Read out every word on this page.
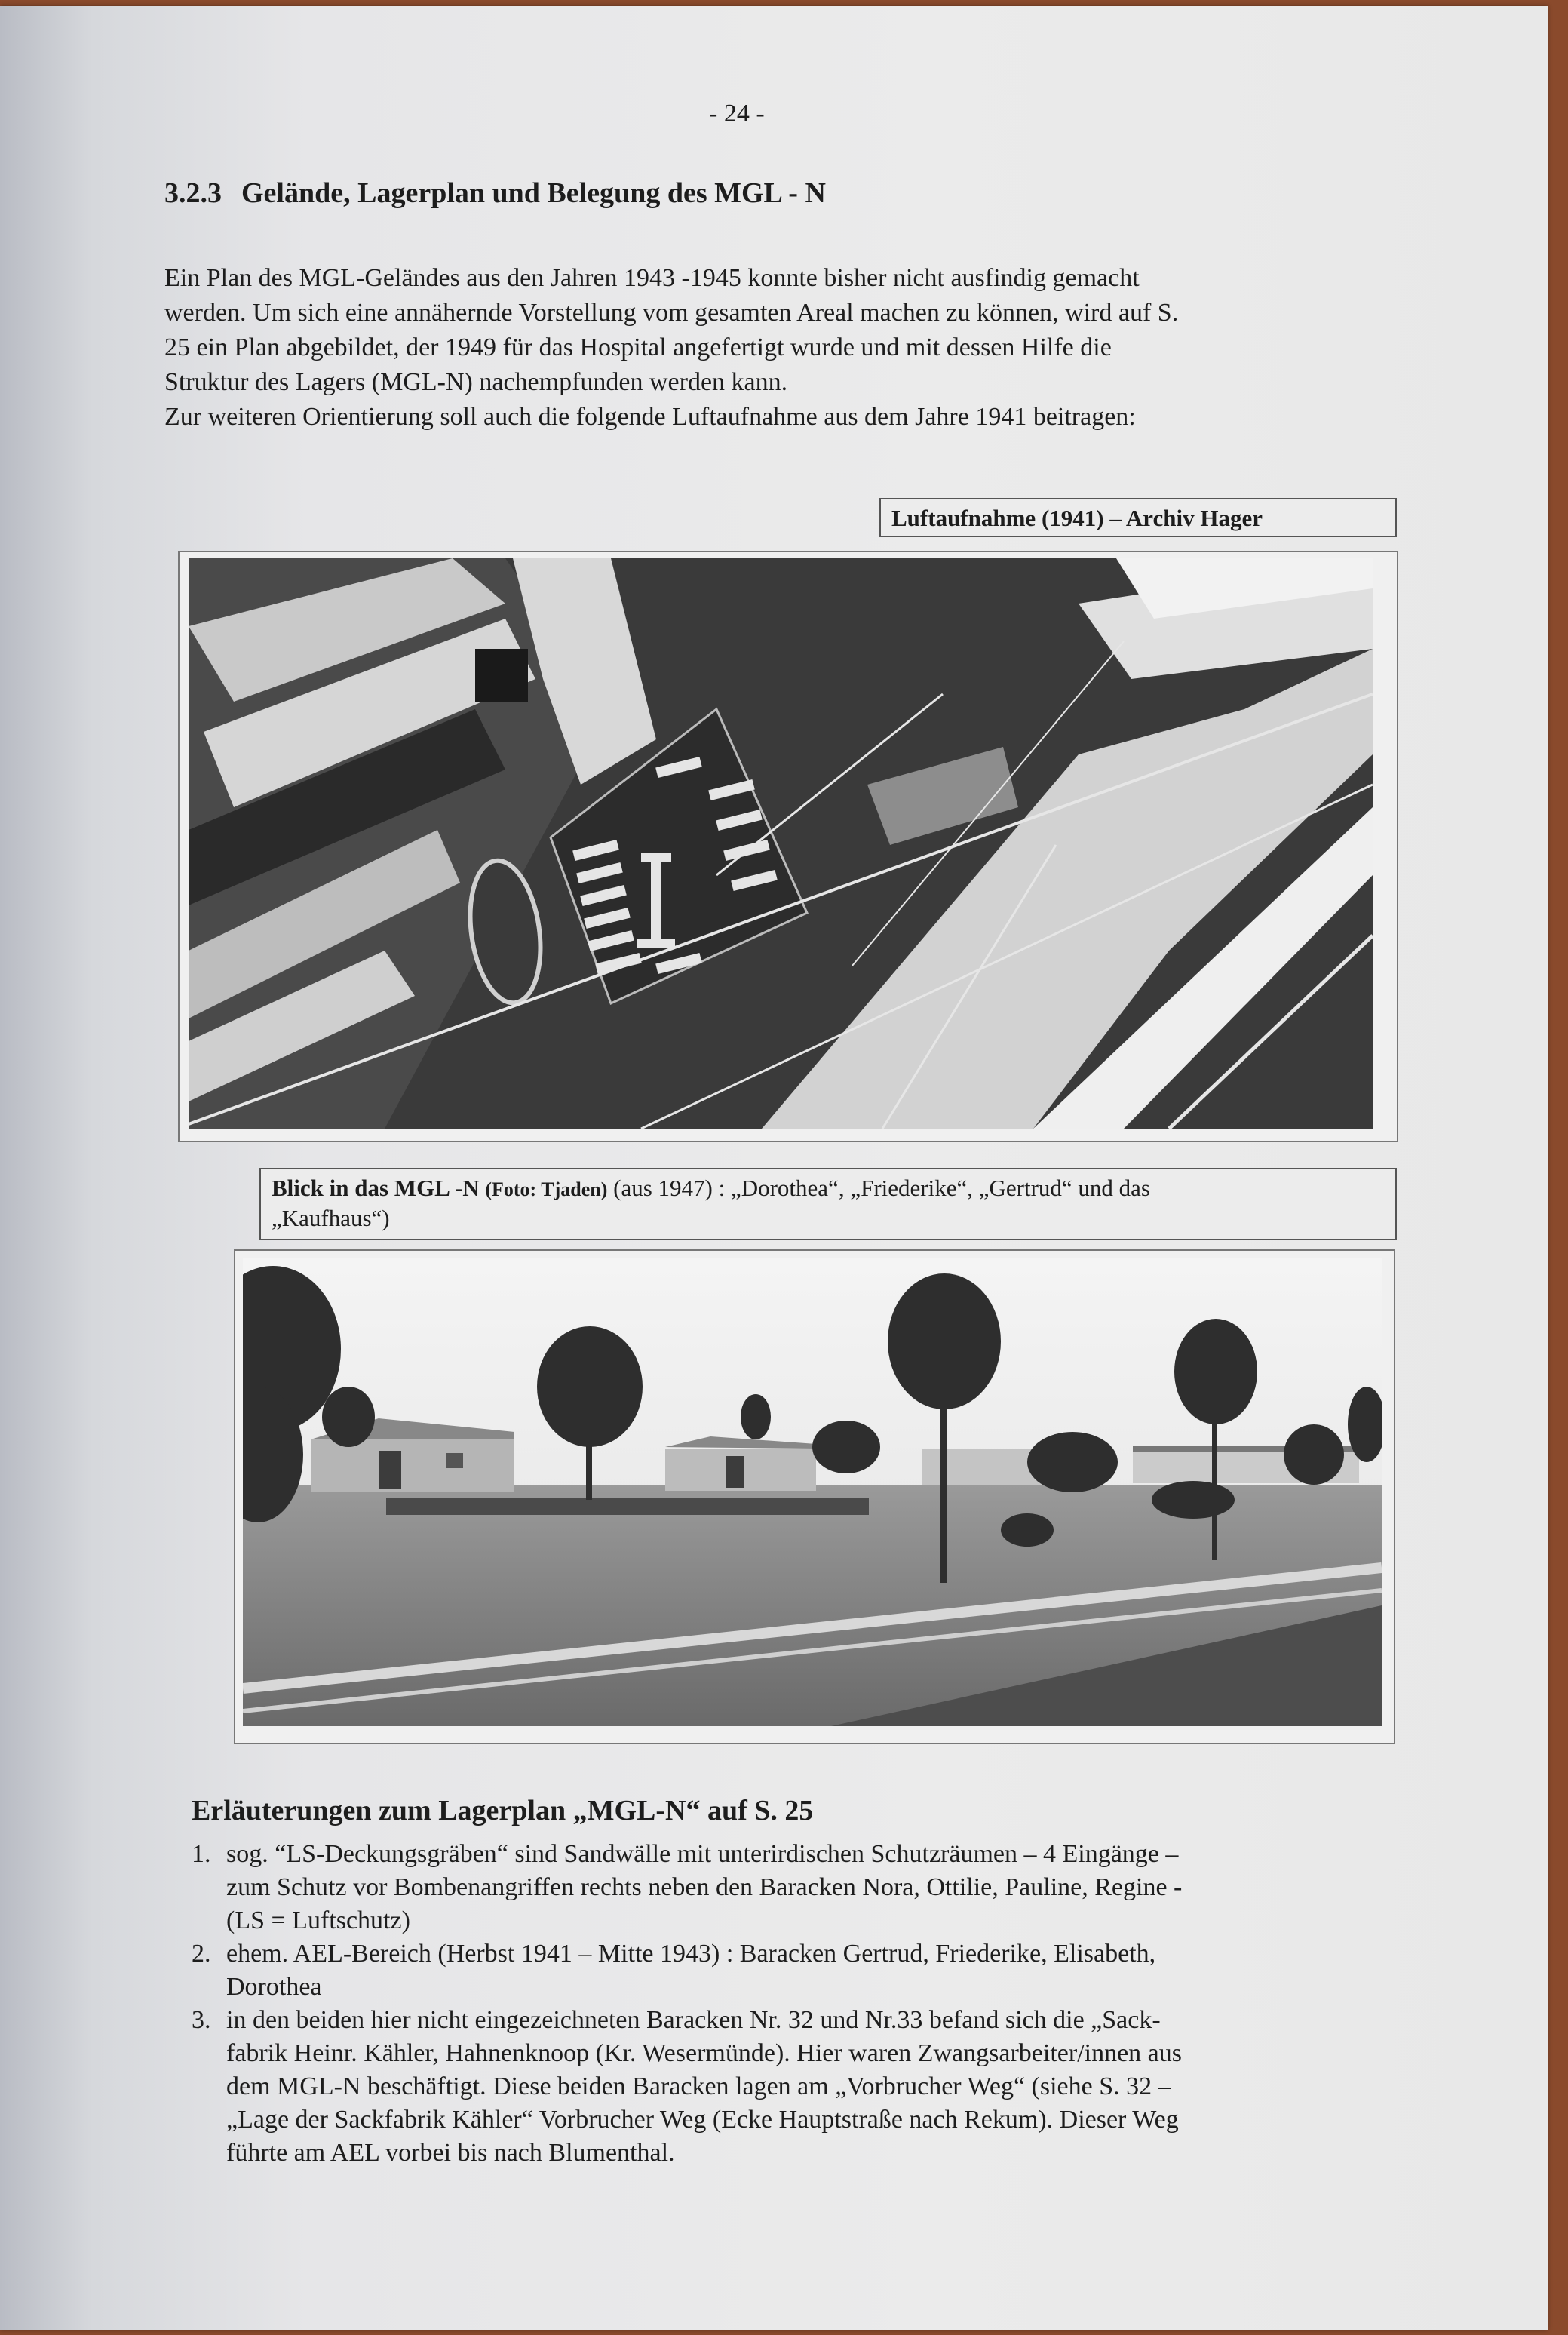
- 24 -
3.2.3 Gelände, Lagerplan und Belegung des MGL - N
Ein Plan des MGL-Geländes aus den Jahren 1943 -1945 konnte bisher nicht ausfindig gemacht
werden. Um sich eine annähernde Vorstellung vom gesamten Areal machen zu können, wird auf S.
25 ein Plan abgebildet, der 1949 für das Hospital angefertigt wurde und mit dessen Hilfe die
Struktur des Lagers (MGL-N) nachempfunden werden kann.
Zur weiteren Orientierung soll auch die folgende Luftaufnahme aus dem Jahre 1941 beitragen:
Luftaufnahme (1941) – Archiv Hager
Blick in das MGL -N (Foto: Tjaden) (aus 1947) : „Dorothea“, „Friederike“, „Gertrud“ und das
„Kaufhaus“)
Erläuterungen zum Lagerplan „MGL-N“ auf S. 25
1. sog. “LS-Deckungsgräben“ sind Sandwälle mit unterirdischen Schutzräumen – 4 Eingänge –
zum Schutz vor Bombenangriffen rechts neben den Baracken Nora, Ottilie, Pauline, Regine -
(LS = Luftschutz)
2. ehem. AEL-Bereich (Herbst 1941 – Mitte 1943) : Baracken Gertrud, Friederike, Elisabeth,
Dorothea
3. in den beiden hier nicht eingezeichneten Baracken Nr. 32 und Nr.33 befand sich die „Sack-
fabrik Heinr. Kähler, Hahnenknoop (Kr. Wesermünde). Hier waren Zwangsarbeiter/innen aus
dem MGL-N beschäftigt. Diese beiden Baracken lagen am „Vorbrucher Weg“ (siehe S. 32 –
„Lage der Sackfabrik Kähler“ Vorbrucher Weg (Ecke Hauptstraße nach Rekum). Dieser Weg
führte am AEL vorbei bis nach Blumenthal.
